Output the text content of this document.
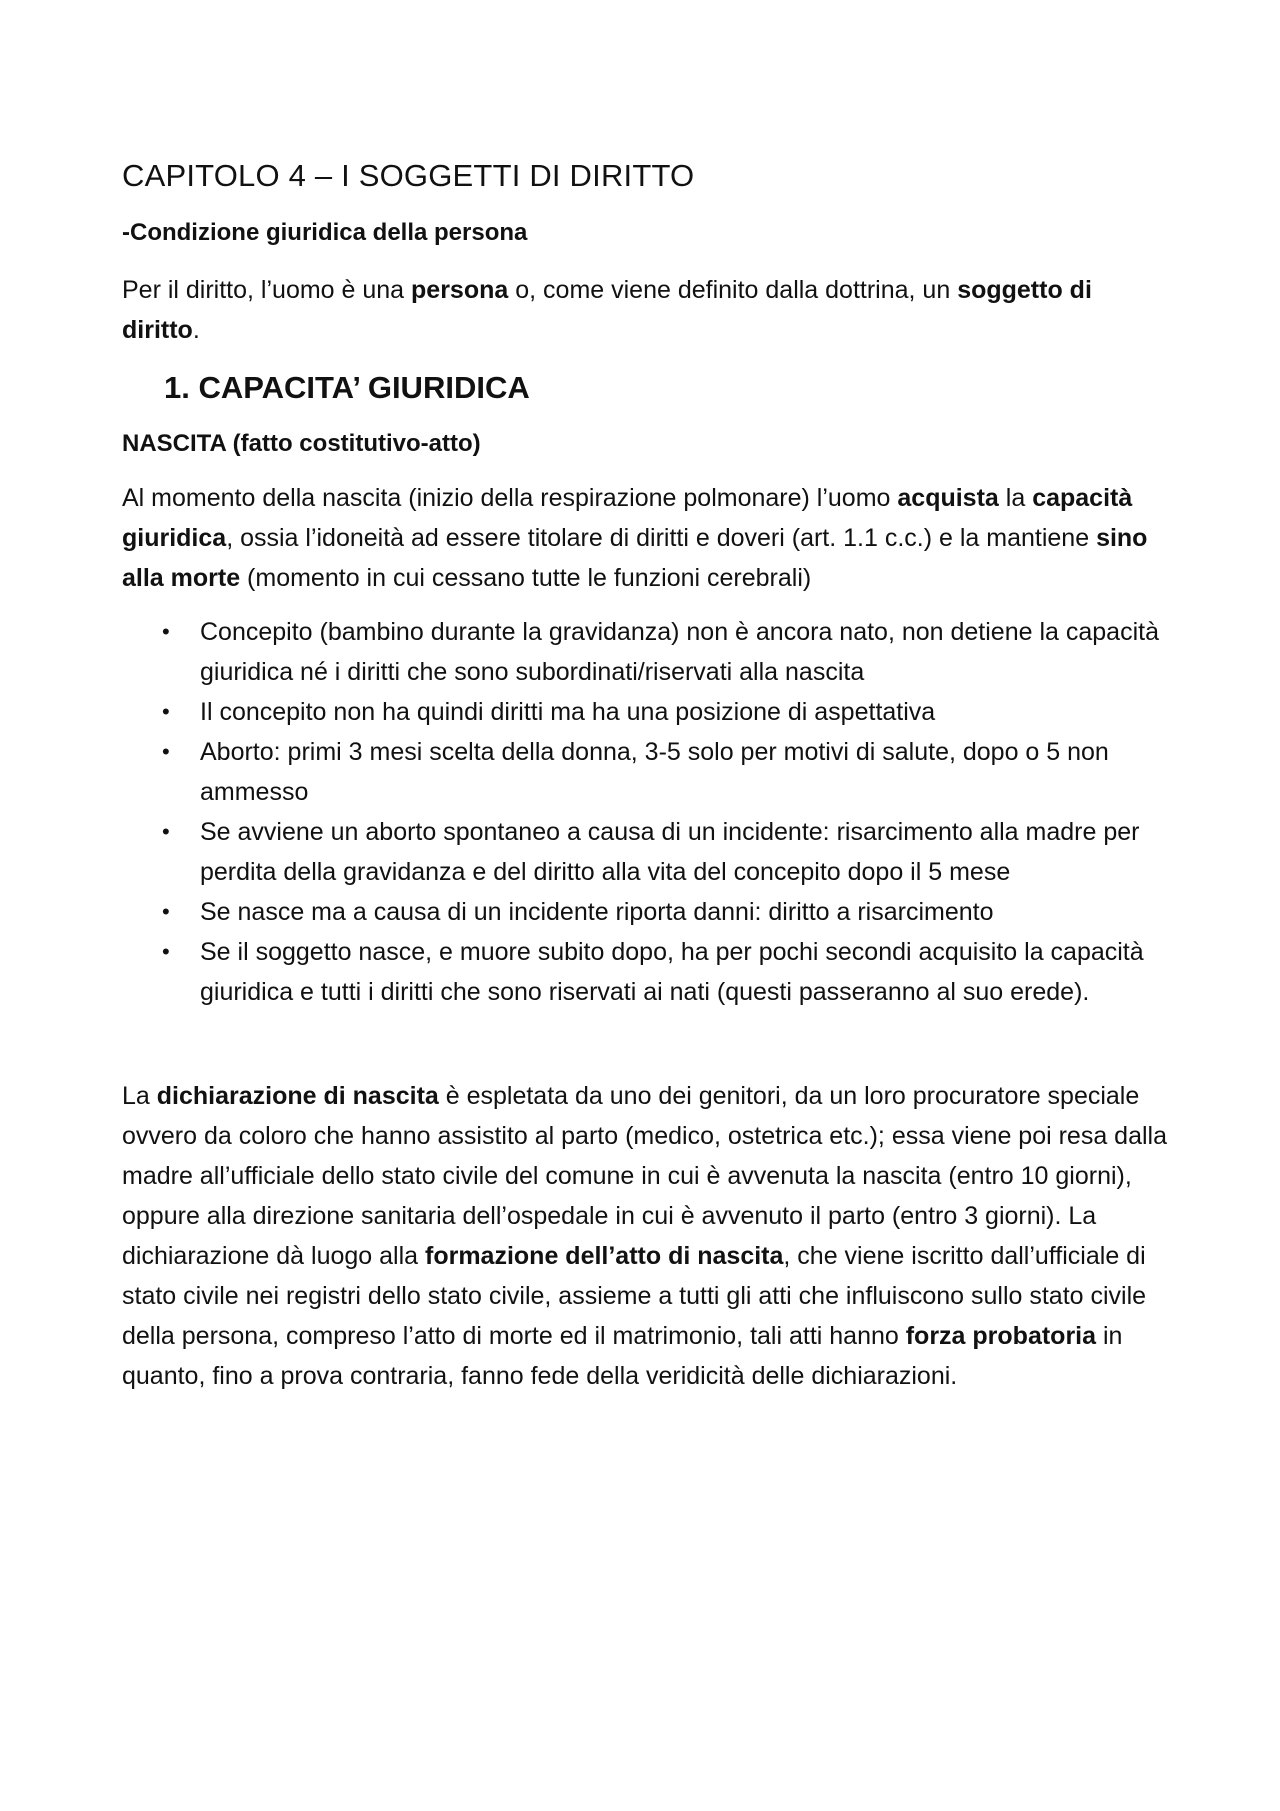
CAPITOLO 4 – I SOGGETTI DI DIRITTO
-Condizione giuridica della persona

Per il diritto, l’uomo è una persona o, come viene definito dalla dottrina, un soggetto di diritto.

1. CAPACITA’ GIURIDICA
NASCITA (fatto costitutivo-atto)

Al momento della nascita (inizio della respirazione polmonare) l’uomo acquista la capacità giuridica, ossia l’idoneità ad essere titolare di diritti e doveri (art. 1.1 c.c.) e la mantiene sino alla morte (momento in cui cessano tutte le funzioni cerebrali)

• Concepito (bambino durante la gravidanza) non è ancora nato, non detiene la capacità giuridica né i diritti che sono subordinati/riservati alla nascita
• Il concepito non ha quindi diritti ma ha una posizione di aspettativa
• Aborto: primi 3 mesi scelta della donna, 3-5 solo per motivi di salute, dopo o 5 non ammesso
• Se avviene un aborto spontaneo a causa di un incidente: risarcimento alla madre per perdita della gravidanza e del diritto alla vita del concepito dopo il 5 mese
• Se nasce ma a causa di un incidente riporta danni: diritto a risarcimento
• Se il soggetto nasce, e muore subito dopo, ha per pochi secondi acquisito la capacità giuridica e tutti i diritti che sono riservati ai nati (questi passeranno al suo erede).

La dichiarazione di nascita è espletata da uno dei genitori, da un loro procuratore speciale ovvero da coloro che hanno assistito al parto (medico, ostetrica etc.); essa viene poi resa dalla madre all’ufficiale dello stato civile del comune in cui è avvenuta la nascita (entro 10 giorni), oppure alla direzione sanitaria dell’ospedale in cui è avvenuto il parto (entro 3 giorni). La dichiarazione dà luogo alla formazione dell’atto di nascita, che viene iscritto dall’ufficiale di stato civile nei registri dello stato civile, assieme a tutti gli atti che influiscono sullo stato civile della persona, compreso l’atto di morte ed il matrimonio, tali atti hanno forza probatoria in quanto, fino a prova contraria, fanno fede della veridicità delle dichiarazioni.
